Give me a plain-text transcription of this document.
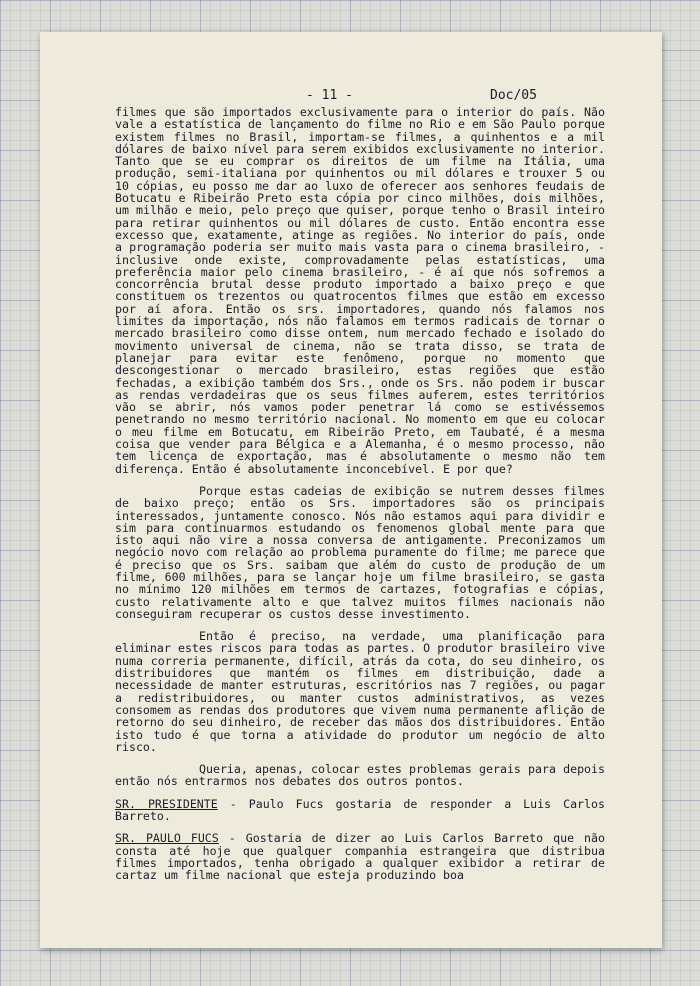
- 11 -	Doc/05

filmes que são importados exclusivamente para o interior do país. Não vale a estatística de lançamento do filme no Rio e em São Paulo porque existem filmes no Brasil, importam-se filmes, a quinhentos e a mil dólares de baixo nível para serem exibidos exclusivamente no interior. Tanto que se eu comprar os direitos de um filme na Itália, uma produção, semi-italiana por quinhentos ou mil dólares e trouxer 5 ou 10 cópias, eu posso me dar ao luxo de oferecer aos senhores feudais de Botucatu e Ribeirão Preto esta cópia por cinco milhões, dois milhões, um milhão e meio, pelo preço que quiser, porque tenho o Brasil inteiro para retirar quinhentos ou mil dólares de custo. Então encontra esse excesso que, exatamente, atinge as regiões. No interior do país, onde a programação poderia ser muito mais vasta para o cinema brasileiro, - inclusive onde existe, comprovadamente pelas estatísticas, uma preferência maior pelo cinema brasileiro, - é aí que nós sofremos a concorrência brutal desse produto importado a baixo preço e que constituem os trezentos ou quatrocentos filmes que estão em excesso por aí afora. Então os srs. importadores, quando nós falamos nos limites da importação, nós não falamos em termos radicais de tornar o mercado brasileiro como disse ontem, num mercado fechado e isolado do movimento universal de cinema, não se trata disso, se trata de planejar para evitar este fenômeno, porque no momento que descongestionar o mercado brasileiro, estas regiões que estão fechadas, a exibição também dos Srs., onde os Srs. não podem ir buscar as rendas verdadeiras que os seus filmes auferem, estes territórios vão se abrir, nós vamos poder penetrar lá como se estivéssemos penetrando no mesmo território nacional. No momento em que eu colocar o meu filme em Botucatu, em Ribeirão Preto, em Taubaté, é a mesma coisa que vender para Bélgica e a Alemanha, é o mesmo processo, não tem licença de exportação, mas é absolutamente o mesmo não tem diferença. Então é absolutamente inconcebível. E por que?

Porque estas cadeias de exibição se nutrem desses filmes de baixo preço; então os Srs. importadores são os principais interessados, juntamente conosco. Nós não estamos aqui para dividir e sim para continuarmos estudando os fenomenos global mente para que isto aqui não vire a nossa conversa de antigamente. Preconizamos um negócio novo com relação ao problema puramente do filme; me parece que é preciso que os Srs. saibam que além do custo de produção de um filme, 600 milhões, para se lançar hoje um filme brasileiro, se gasta no mínimo 120 milhões em termos de cartazes, fotografias e cópias, custo relativamente alto e que talvez muitos filmes nacionais não conseguiram recuperar os custos desse investimento.

Então é preciso, na verdade, uma planificação para eliminar estes riscos para todas as partes. O produtor brasileiro vive numa correria permanente, difícil, atrás da cota, do seu dinheiro, os distribuidores que mantém os filmes em distribuição, dade a necessidade de manter estruturas, escritórios nas 7 regiões, ou pagar a redistribuidores, ou manter custos administrativos, as vezes consomem as rendas dos produtores que vivem numa permanente aflição de retorno do seu dinheiro, de receber das mãos dos distribuidores. Então isto tudo é que torna a atividade do produtor um negócio de alto risco.

Queria, apenas, colocar estes problemas gerais para depois então nós entrarmos nos debates dos outros pontos.

SR. PRESIDENTE - Paulo Fucs gostaria de responder a Luis Carlos Barreto.

SR. PAULO FUCS - Gostaria de dizer ao Luis Carlos Barreto que não consta até hoje que qualquer companhia estrangeira que distribua filmes importados, tenha obrigado a qualquer exibidor a retirar de cartaz um filme nacional que esteja produzindo boa
